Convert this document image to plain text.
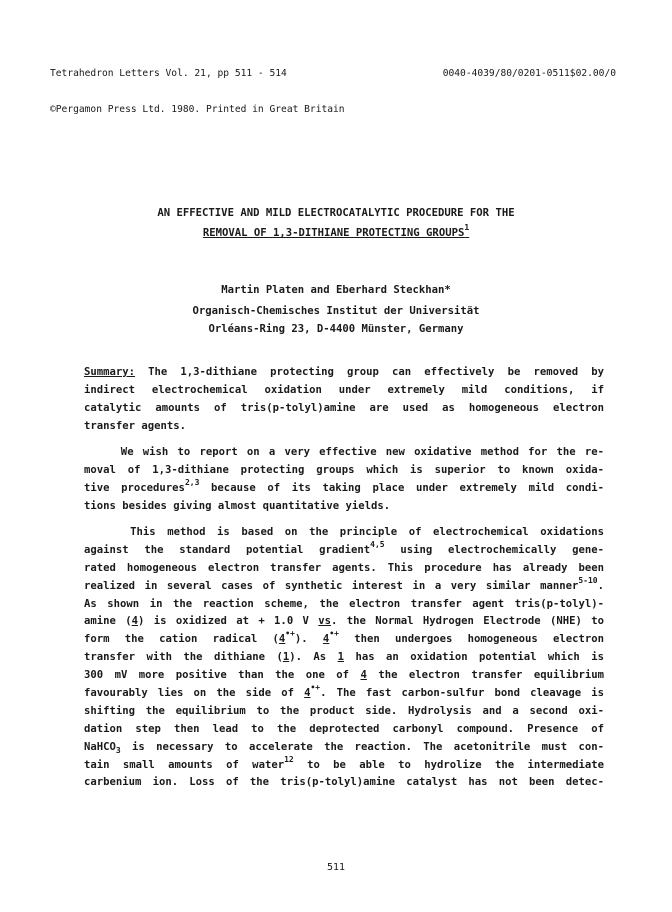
Tetrahedron Letters Vol. 21, pp 511 - 514

©Pergamon Press Ltd. 1980. Printed in Great Britain

0040-4039/80/0201-0511$02.00/0

AN EFFECTIVE AND MILD ELECTROCATALYTIC PROCEDURE FOR THE
REMOVAL OF 1,3-DITHIANE PROTECTING GROUPS$^1$
Martin Platen and Eberhard Steckhan*
Organisch-Chemisches Institut der Universität
Orléans-Ring 23, D-4400 Münster, Germany
Summary: The 1,3-dithiane protecting group can effectively be removed by
indirect electrochemical oxidation under extremely mild conditions, if
catalytic amounts of tris(p-tolyl)amine are used as homogeneous electron
transfer agents.
We wish to report on a very effective new oxidative method for the re-
moval of 1,3-dithiane protecting groups which is superior to known oxida-
tive procedures$^{2,3}$ because of its taking place under extremely mild condi-
tions besides giving almost quantitative yields.
This method is based on the principle of electrochemical oxidations
against the standard potential gradient$^{4,5}$ using electrochemically gene-
rated homogeneous electron transfer agents. This procedure has already been
realized in several cases of synthetic interest in a very similar manner$^{5-10}$.
As shown in the reaction scheme, the electron transfer agent tris(p-tolyl)-
amine (4) is oxidized at + 1.0 V vs. the Normal Hydrogen Electrode (NHE) to
form the cation radical (4•+). 4•+ then undergoes homogeneous electron
transfer with the dithiane (1). As 1 has an oxidation potential which is
300 mV more positive than the one of 4 the electron transfer equilibrium
favourably lies on the side of 4•+. The fast carbon-sulfur bond cleavage is
shifting the equilibrium to the product side. Hydrolysis and a second oxi-
dation step then lead to the deprotected carbonyl compound. Presence of
NaHCO$_3$ is necessary to accelerate the reaction. The acetonitrile must con-
tain small amounts of water$^{12}$ to be able to hydrolize the intermediate
carbenium ion. Loss of the tris(p-tolyl)amine catalyst has not been detec-
511
